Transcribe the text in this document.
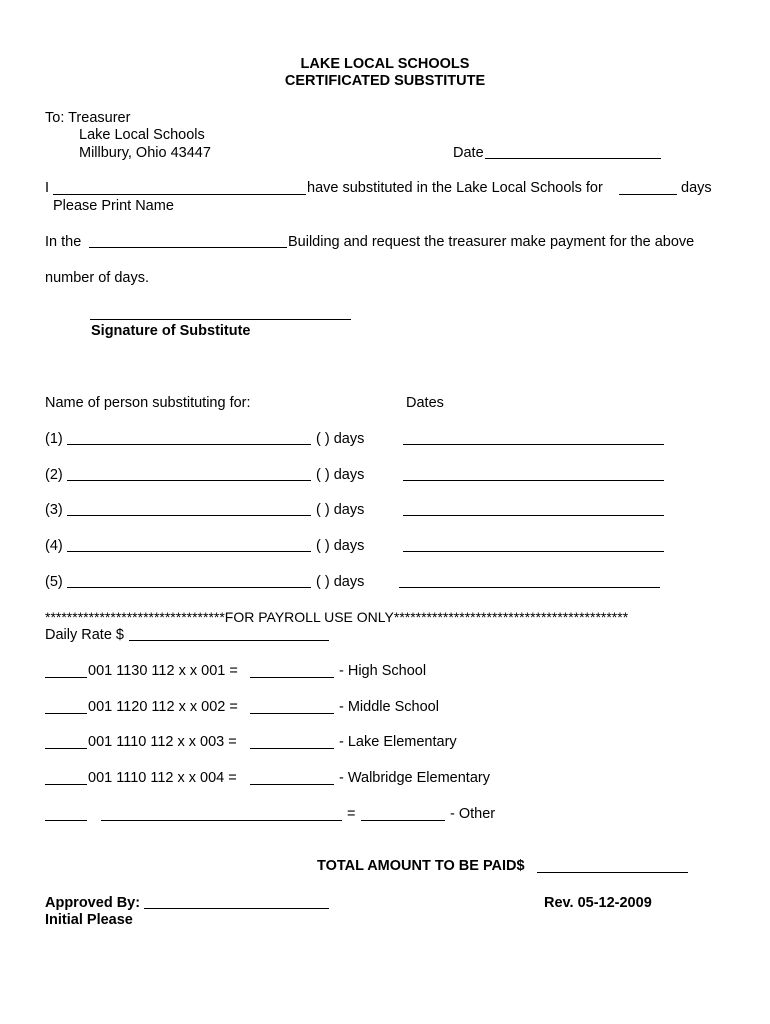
LAKE LOCAL SCHOOLS
CERTIFICATED SUBSTITUTE
To: Treasurer
Lake Local Schools
Millbury, Ohio 43447	Date
I	have substituted in the Lake Local Schools for	days
Please Print Name
In the	Building and request the treasurer make payment for the above
number of days.
Signature of Substitute
Name of person substituting for:	Dates
(1)	( ) days
(2)	( ) days
(3)	( ) days
(4)	( ) days
(5)	( ) days
*********************************FOR PAYROLL USE ONLY*******************************************
Daily Rate $
001 1130 112 x x 001 =	- High School
001 1120 112 x x 002 =	- Middle School
001 1110 112 x x 003 =	- Lake Elementary
001 1110 112 x x 004 =	- Walbridge Elementary
=	- Other
TOTAL AMOUNT TO BE PAID$
Approved By:
Initial Please
Rev. 05-12-2009
